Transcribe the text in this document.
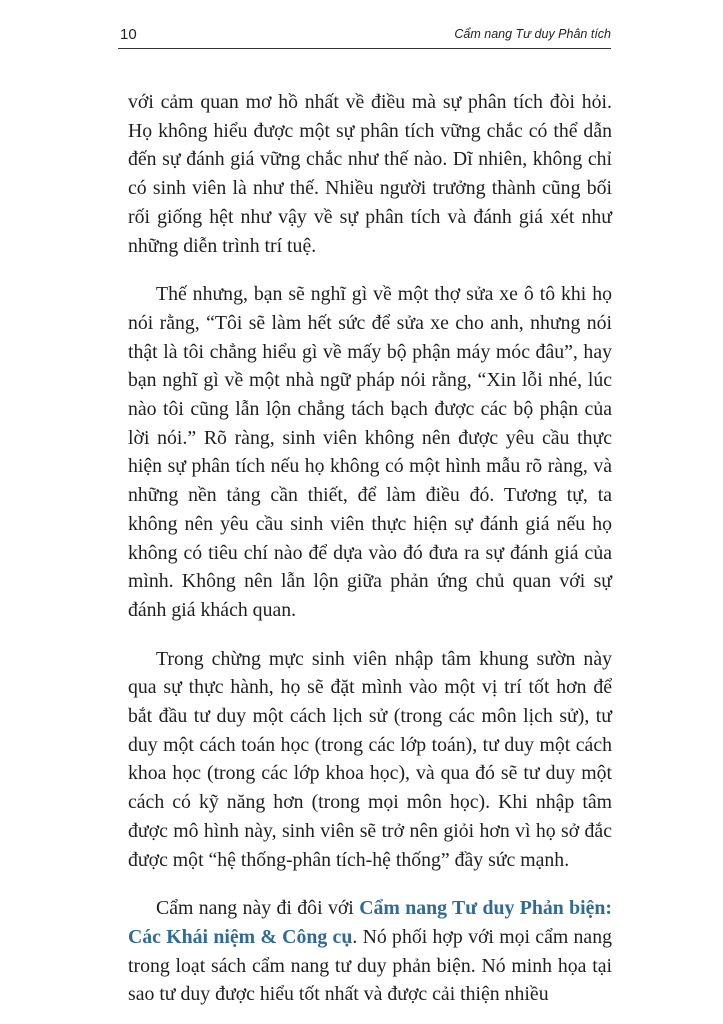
10	Cẩm nang Tư duy Phân tích

với cảm quan mơ hồ nhất về điều mà sự phân tích đòi hỏi. Họ không hiểu được một sự phân tích vững chắc có thể dẫn đến sự đánh giá vững chắc như thế nào. Dĩ nhiên, không chỉ có sinh viên là như thế. Nhiều người trưởng thành cũng bối rối giống hệt như vậy về sự phân tích và đánh giá xét như những diễn trình trí tuệ.

Thế nhưng, bạn sẽ nghĩ gì về một thợ sửa xe ô tô khi họ nói rằng, “Tôi sẽ làm hết sức để sửa xe cho anh, nhưng nói thật là tôi chẳng hiểu gì về mấy bộ phận máy móc đâu”, hay bạn nghĩ gì về một nhà ngữ pháp nói rằng, “Xin lỗi nhé, lúc nào tôi cũng lẫn lộn chẳng tách bạch được các bộ phận của lời nói.” Rõ ràng, sinh viên không nên được yêu cầu thực hiện sự phân tích nếu họ không có một hình mẫu rõ ràng, và những nền tảng cần thiết, để làm điều đó. Tương tự, ta không nên yêu cầu sinh viên thực hiện sự đánh giá nếu họ không có tiêu chí nào để dựa vào đó đưa ra sự đánh giá của mình. Không nên lẫn lộn giữa phản ứng chủ quan với sự đánh giá khách quan.

Trong chừng mực sinh viên nhập tâm khung sườn này qua sự thực hành, họ sẽ đặt mình vào một vị trí tốt hơn để bắt đầu tư duy một cách lịch sử (trong các môn lịch sử), tư duy một cách toán học (trong các lớp toán), tư duy một cách khoa học (trong các lớp khoa học), và qua đó sẽ tư duy một cách có kỹ năng hơn (trong mọi môn học). Khi nhập tâm được mô hình này, sinh viên sẽ trở nên giỏi hơn vì họ sở đắc được một “hệ thống-phân tích-hệ thống” đầy sức mạnh.

Cẩm nang này đi đôi với Cẩm nang Tư duy Phản biện: Các Khái niệm & Công cụ. Nó phối hợp với mọi cẩm nang trong loạt sách cẩm nang tư duy phản biện. Nó minh họa tại sao tư duy được hiểu tốt nhất và được cải thiện nhiều
